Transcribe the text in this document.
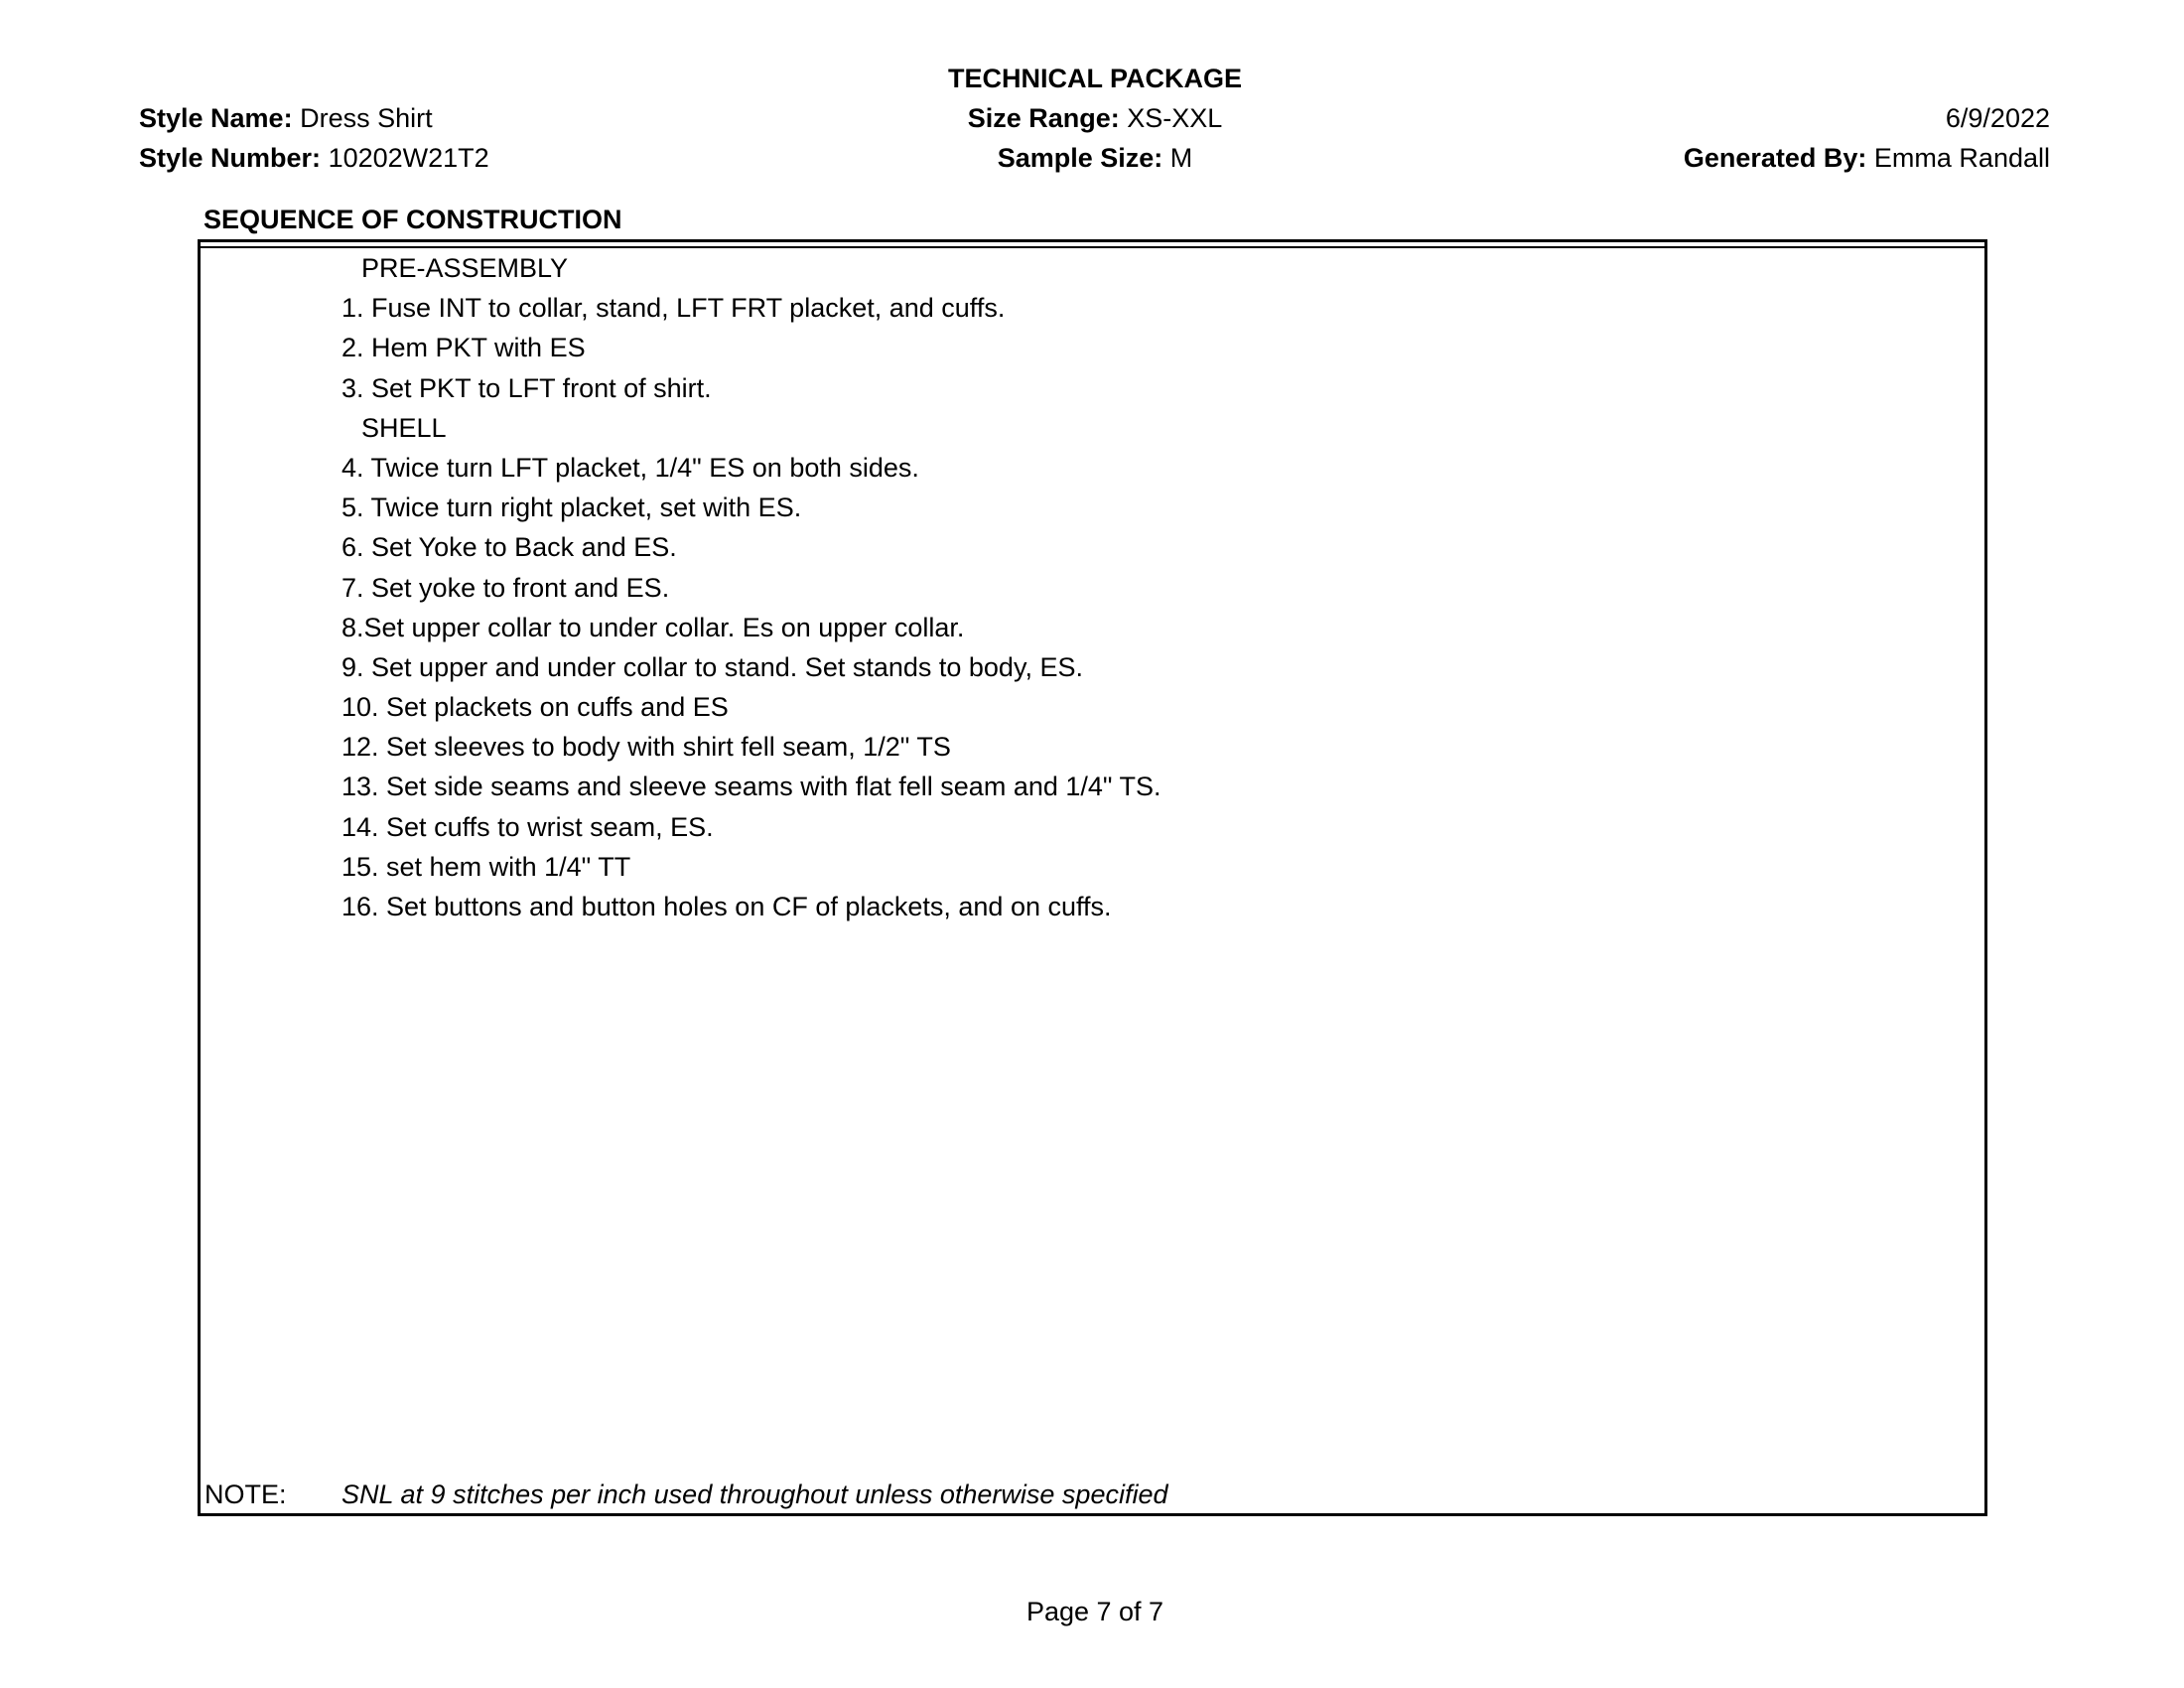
TECHNICAL PACKAGE
Style Name: Dress Shirt
Style Number: 10202W21T2
Size Range: XS-XXL
Sample Size: M
6/9/2022
Generated By: Emma Randall
SEQUENCE OF CONSTRUCTION
PRE-ASSEMBLY
1. Fuse INT to collar, stand, LFT FRT placket, and cuffs.
2. Hem PKT with ES
3. Set PKT to LFT front of shirt.
SHELL
4. Twice turn LFT placket, 1/4" ES on both sides.
5. Twice turn right placket, set with ES.
6. Set Yoke to Back and ES.
7. Set yoke to front and ES.
8.Set upper collar to under collar. Es on upper collar.
9. Set upper and under collar to stand. Set stands to body, ES.
10. Set plackets on cuffs and ES
12. Set sleeves to body with shirt fell seam, 1/2" TS
13. Set side seams and sleeve seams with flat fell seam and 1/4" TS.
14. Set cuffs to wrist seam, ES.
15. set hem with 1/4" TT
16. Set buttons and button holes on CF of plackets, and on cuffs.
NOTE: SNL at 9 stitches per inch used throughout unless otherwise specified
Page 7 of 7
